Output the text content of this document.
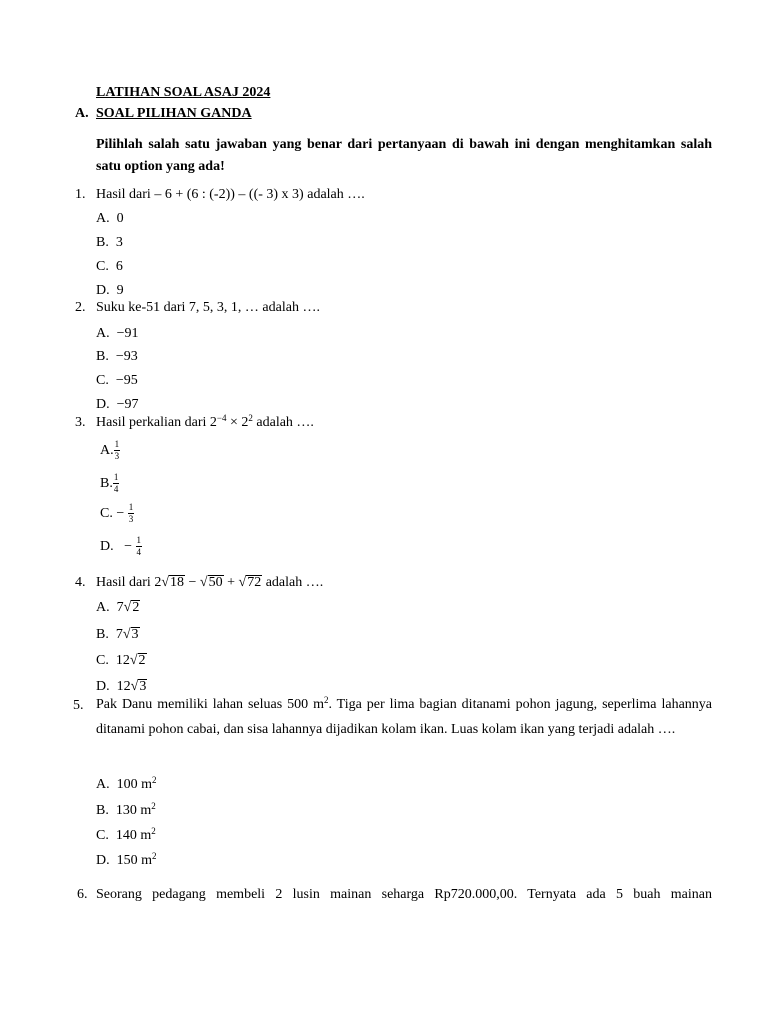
LATIHAN SOAL ASAJ 2024
A. SOAL PILIHAN GANDA
Pilihlah salah satu jawaban yang benar dari pertanyaan di bawah ini dengan menghitamkan salah satu option yang ada!
1. Hasil dari – 6 + (6 : (-2)) – ((- 3) x 3) adalah ….
A. 0
B. 3
C. 6
D. 9
2. Suku ke-51 dari 7, 5, 3, 1, … adalah ….
A. −91
B. −93
C. −95
D. −97
3. Hasil perkalian dari $2^{-4} \times 2^2$ adalah ….
A. $\frac{1}{3}$
B. $\frac{1}{4}$
C. − $\frac{1}{3}$
D. − $\frac{1}{4}$
4. Hasil dari 2√18 − √50 + √72 adalah ….
A. 7√2
B. 7√3
C. 12√2
D. 12√3
5. Pak Danu memiliki lahan seluas 500 $m^2$. Tiga per lima bagian ditanami pohon jagung, seperlima lahannya ditanami pohon cabai, dan sisa lahannya dijadikan kolam ikan. Luas kolam ikan yang terjadi adalah ….
A. 100 $m^2$
B. 130 $m^2$
C. 140 $m^2$
D. 150 $m^2$
6. Seorang pedagang membeli 2 lusin mainan seharga Rp720.000,00. Ternyata ada 5 buah mainan
